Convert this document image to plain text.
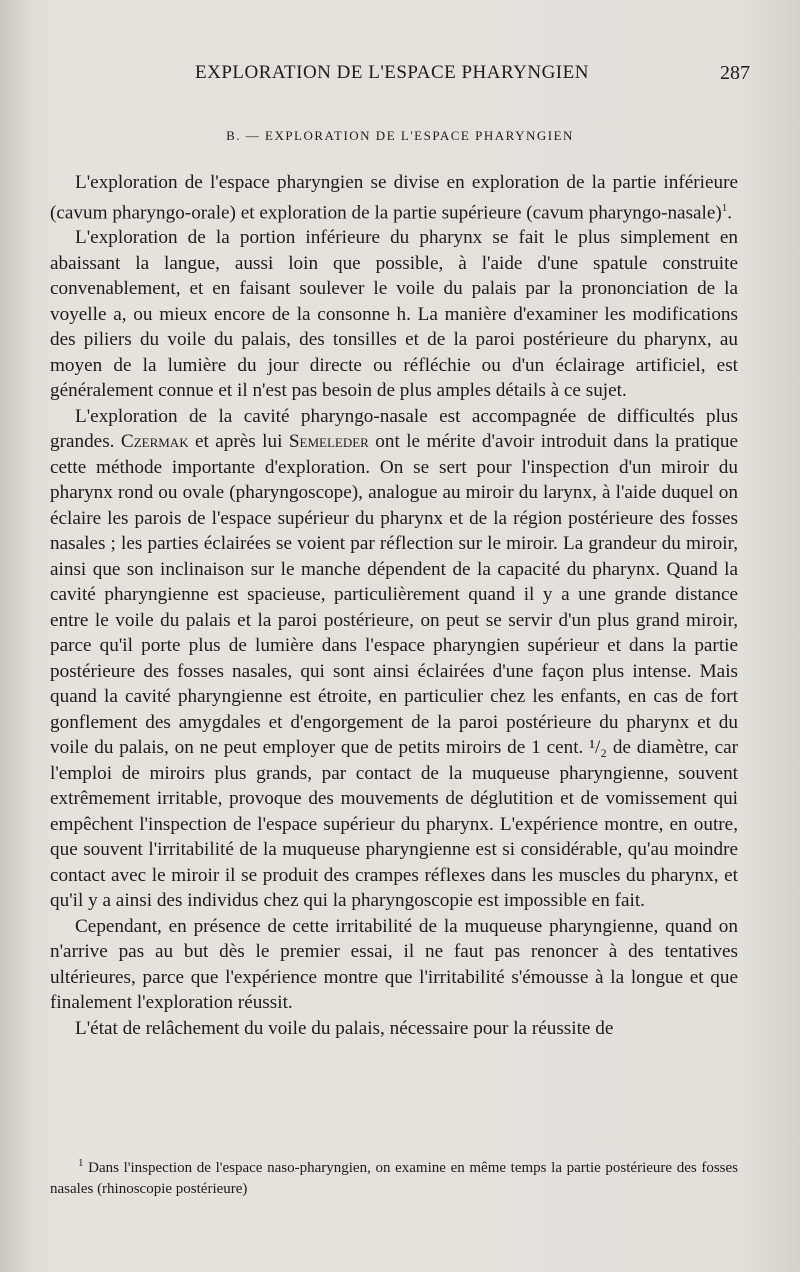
EXPLORATION DE L'ESPACE PHARYNGIEN	287
B. — EXPLORATION DE L'ESPACE PHARYNGIEN

L'exploration de l'espace pharyngien se divise en exploration de la partie inférieure (cavum pharyngo-orale) et exploration de la partie supérieure (cavum pharyngo-nasale)$^1$.

L'exploration de la portion inférieure du pharynx se fait le plus simplement en abaissant la langue, aussi loin que possible, à l'aide d'une spatule construite convenablement, et en faisant soulever le voile du palais par la prononciation de la voyelle a, ou mieux encore de la consonne h. La manière d'examiner les modifications des piliers du voile du palais, des tonsilles et de la paroi postérieure du pharynx, au moyen de la lumière du jour directe ou réfléchie ou d'un éclairage artificiel, est généralement connue et il n'est pas besoin de plus amples détails à ce sujet.

L'exploration de la cavité pharyngo-nasale est accompagnée de difficultés plus grandes. Czermak et après lui Semeleder ont le mérite d'avoir introduit dans la pratique cette méthode importante d'exploration. On se sert pour l'inspection d'un miroir du pharynx rond ou ovale (pharyngoscope), analogue au miroir du larynx, à l'aide duquel on éclaire les parois de l'espace supérieur du pharynx et de la région postérieure des fosses nasales ; les parties éclairées se voient par réflection sur le miroir. La grandeur du miroir, ainsi que son inclinaison sur le manche dépendent de la capacité du pharynx. Quand la cavité pharyngienne est spacieuse, particulièrement quand il y a une grande distance entre le voile du palais et la paroi postérieure, on peut se servir d'un plus grand miroir, parce qu'il porte plus de lumière dans l'espace pharyngien supérieur et dans la partie postérieure des fosses nasales, qui sont ainsi éclairées d'une façon plus intense. Mais quand la cavité pharyngienne est étroite, en particulier chez les enfants, en cas de fort gonflement des amygdales et d'engorgement de la paroi postérieure du pharynx et du voile du palais, on ne peut employer que de petits miroirs de 1 cent. ¹/₂ de diamètre, car l'emploi de miroirs plus grands, par contact de la muqueuse pharyngienne, souvent extrêmement irritable, provoque des mouvements de déglutition et de vomissement qui empêchent l'inspection de l'espace supérieur du pharynx. L'expérience montre, en outre, que souvent l'irritabilité de la muqueuse pharyngienne est si considérable, qu'au moindre contact avec le miroir il se produit des crampes réflexes dans les muscles du pharynx, et qu'il y a ainsi des individus chez qui la pharyngoscopie est impossible en fait.

Cependant, en présence de cette irritabilité de la muqueuse pharyngienne, quand on n'arrive pas au but dès le premier essai, il ne faut pas renoncer à des tentatives ultérieures, parce que l'expérience montre que l'irritabilité s'émousse à la longue et que finalement l'exploration réussit.

L'état de relâchement du voile du palais, nécessaire pour la réussite de

$^1$ Dans l'inspection de l'espace naso-pharyngien, on examine en même temps la partie postérieure des fosses nasales (rhinoscopie postérieure)
